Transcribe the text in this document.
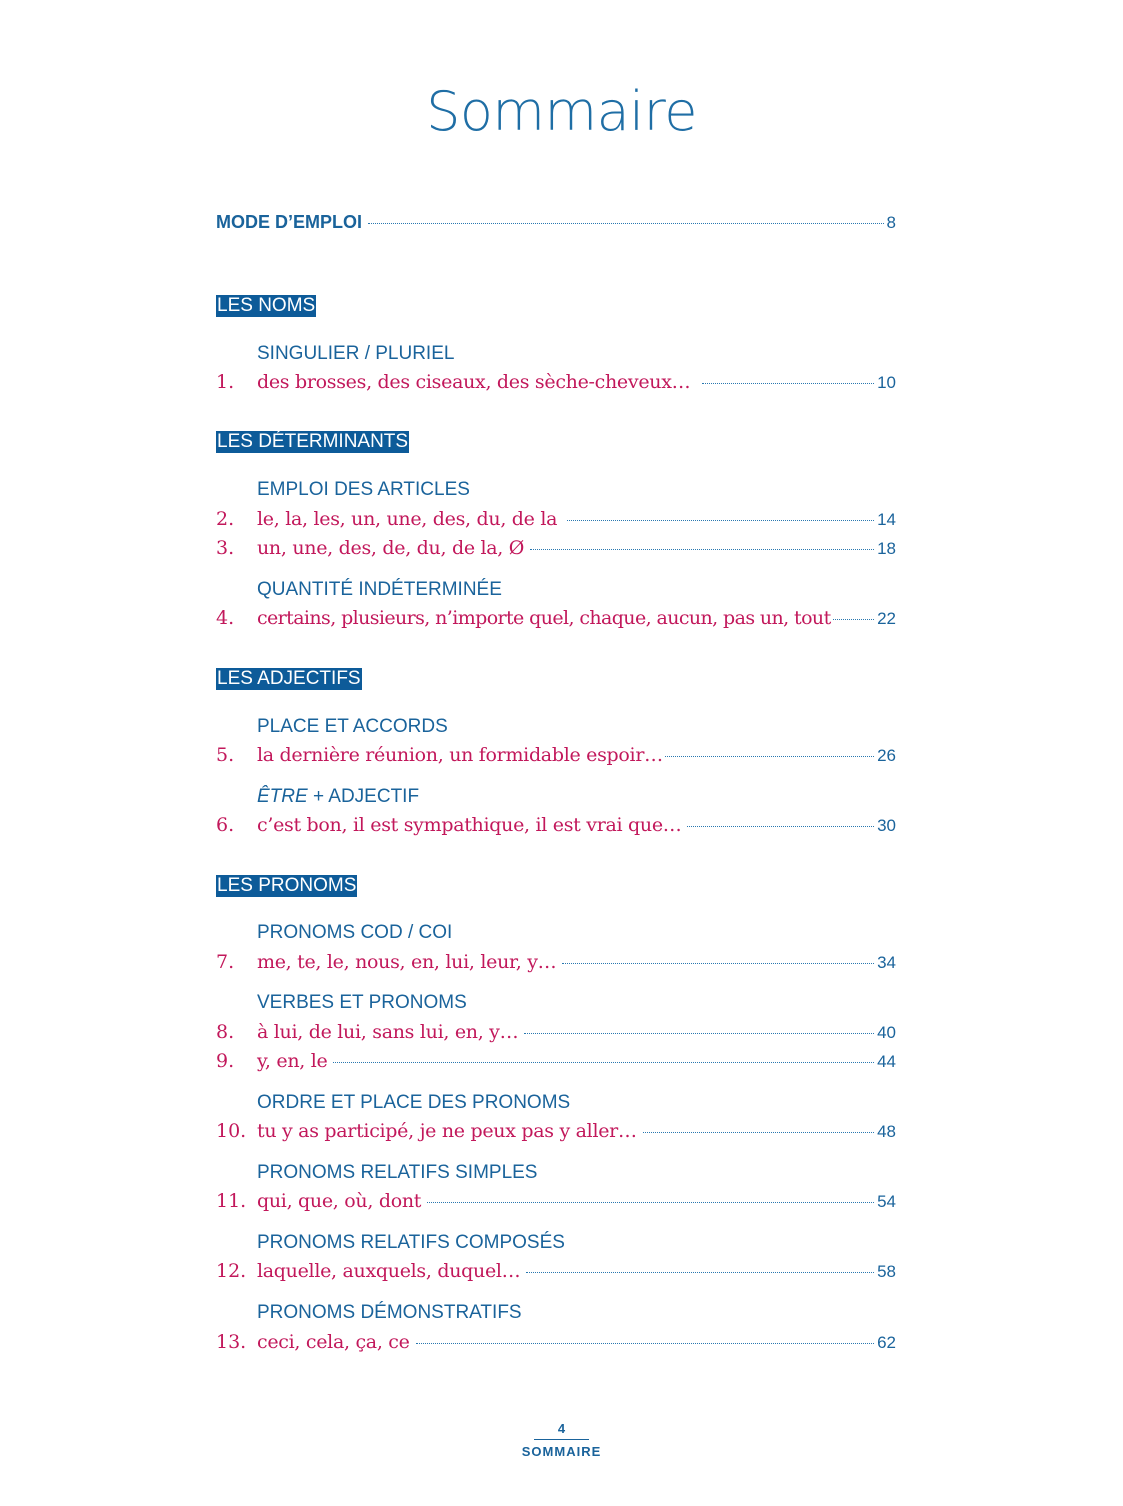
Sommaire
MODE D’EMPLOI	8
LES NOMS
SINGULIER / PLURIEL
1.	des brosses, des ciseaux, des sèche-cheveux…	10
LES DÉTERMINANTS
EMPLOI DES ARTICLES
2.	le, la, les, un, une, des, du, de la	14
3.	un, une, des, de, du, de la, Ø	18
QUANTITÉ INDÉTERMINÉE
4.	certains, plusieurs, n’importe quel, chaque, aucun, pas un, tout	22
LES ADJECTIFS
PLACE ET ACCORDS
5.	la dernière réunion, un formidable espoir…	26
ÊTRE + ADJECTIF
6.	c’est bon, il est sympathique, il est vrai que…	30
LES PRONOMS
PRONOMS COD / COI
7.	me, te, le, nous, en, lui, leur, y…	34
VERBES ET PRONOMS
8.	à lui, de lui, sans lui, en, y…	40
9.	y, en, le	44
ORDRE ET PLACE DES PRONOMS
10. tu y as participé, je ne peux pas y aller…	48
PRONOMS RELATIFS SIMPLES
11. qui, que, où, dont	54
PRONOMS RELATIFS COMPOSÉS
12. laquelle, auxquels, duquel…	58
PRONOMS DÉMONSTRATIFS
13. ceci, cela, ça, ce	62
4
SOMMAIRE
